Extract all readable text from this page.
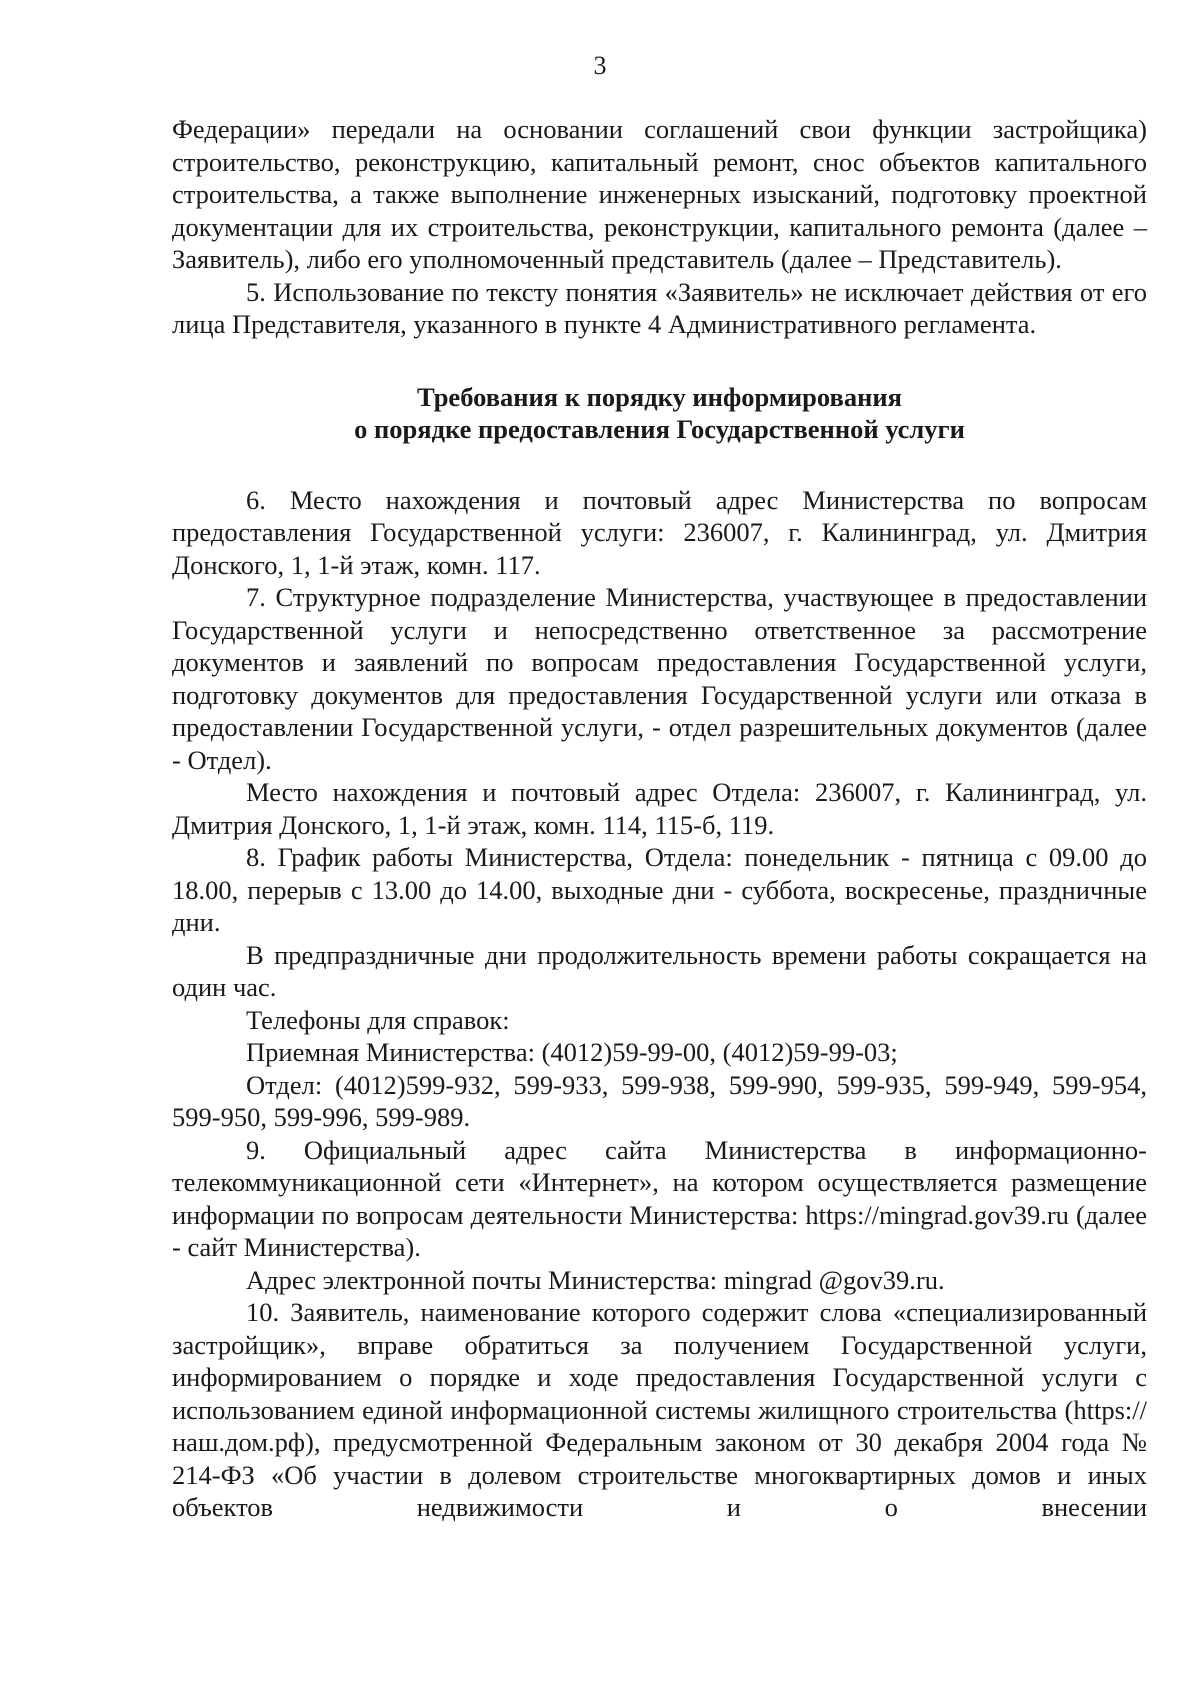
3

Федерации» передали на основании соглашений свои функции застройщика) строительство, реконструкцию, капитальный ремонт, снос объектов капитального строительства, а также выполнение инженерных изысканий, подготовку проектной документации для их строительства, реконструкции, капитального ремонта (далее – Заявитель), либо его уполномоченный представитель (далее – Представитель).

5. Использование по тексту понятия «Заявитель» не исключает действия от его лица Представителя, указанного в пункте 4 Административного регламента.

Требования к порядку информирования
о порядке предоставления Государственной услуги

6. Место нахождения и почтовый адрес Министерства по вопросам предоставления Государственной услуги: 236007, г. Калининград, ул. Дмитрия Донского, 1, 1-й этаж, комн. 117.

7. Структурное подразделение Министерства, участвующее в предоставлении Государственной услуги и непосредственно ответственное за рассмотрение документов и заявлений по вопросам предоставления Государственной услуги, подготовку документов для предоставления Государственной услуги или отказа в предоставлении Государственной услуги, - отдел разрешительных документов (далее - Отдел).

Место нахождения и почтовый адрес Отдела: 236007, г. Калининград, ул. Дмитрия Донского, 1, 1-й этаж, комн. 114, 115-б, 119.

8. График работы Министерства, Отдела: понедельник - пятница с 09.00 до 18.00, перерыв с 13.00 до 14.00, выходные дни - суббота, воскресенье, праздничные дни.

В предпраздничные дни продолжительность времени работы сокращается на один час.

Телефоны для справок:

Приемная Министерства: (4012)59-99-00, (4012)59-99-03;

Отдел: (4012)599-932, 599-933, 599-938, 599-990, 599-935, 599-949, 599-954, 599-950, 599-996, 599-989.

9. Официальный адрес сайта Министерства в информационно-телекоммуникационной сети «Интернет», на котором осуществляется размещение информации по вопросам деятельности Министерства: https://mingrad.gov39.ru (далее - сайт Министерства).

Адрес электронной почты Министерства: mingrad @gov39.ru.

10. Заявитель, наименование которого содержит слова «специализированный застройщик», вправе обратиться за получением Государственной услуги, информированием о порядке и ходе предоставления Государственной услуги с использованием единой информационной системы жилищного строительства (https://наш.дом.рф), предусмотренной Федеральным законом от 30 декабря 2004 года № 214-ФЗ «Об участии в долевом строительстве многоквартирных домов и иных объектов недвижимости и о внесении
